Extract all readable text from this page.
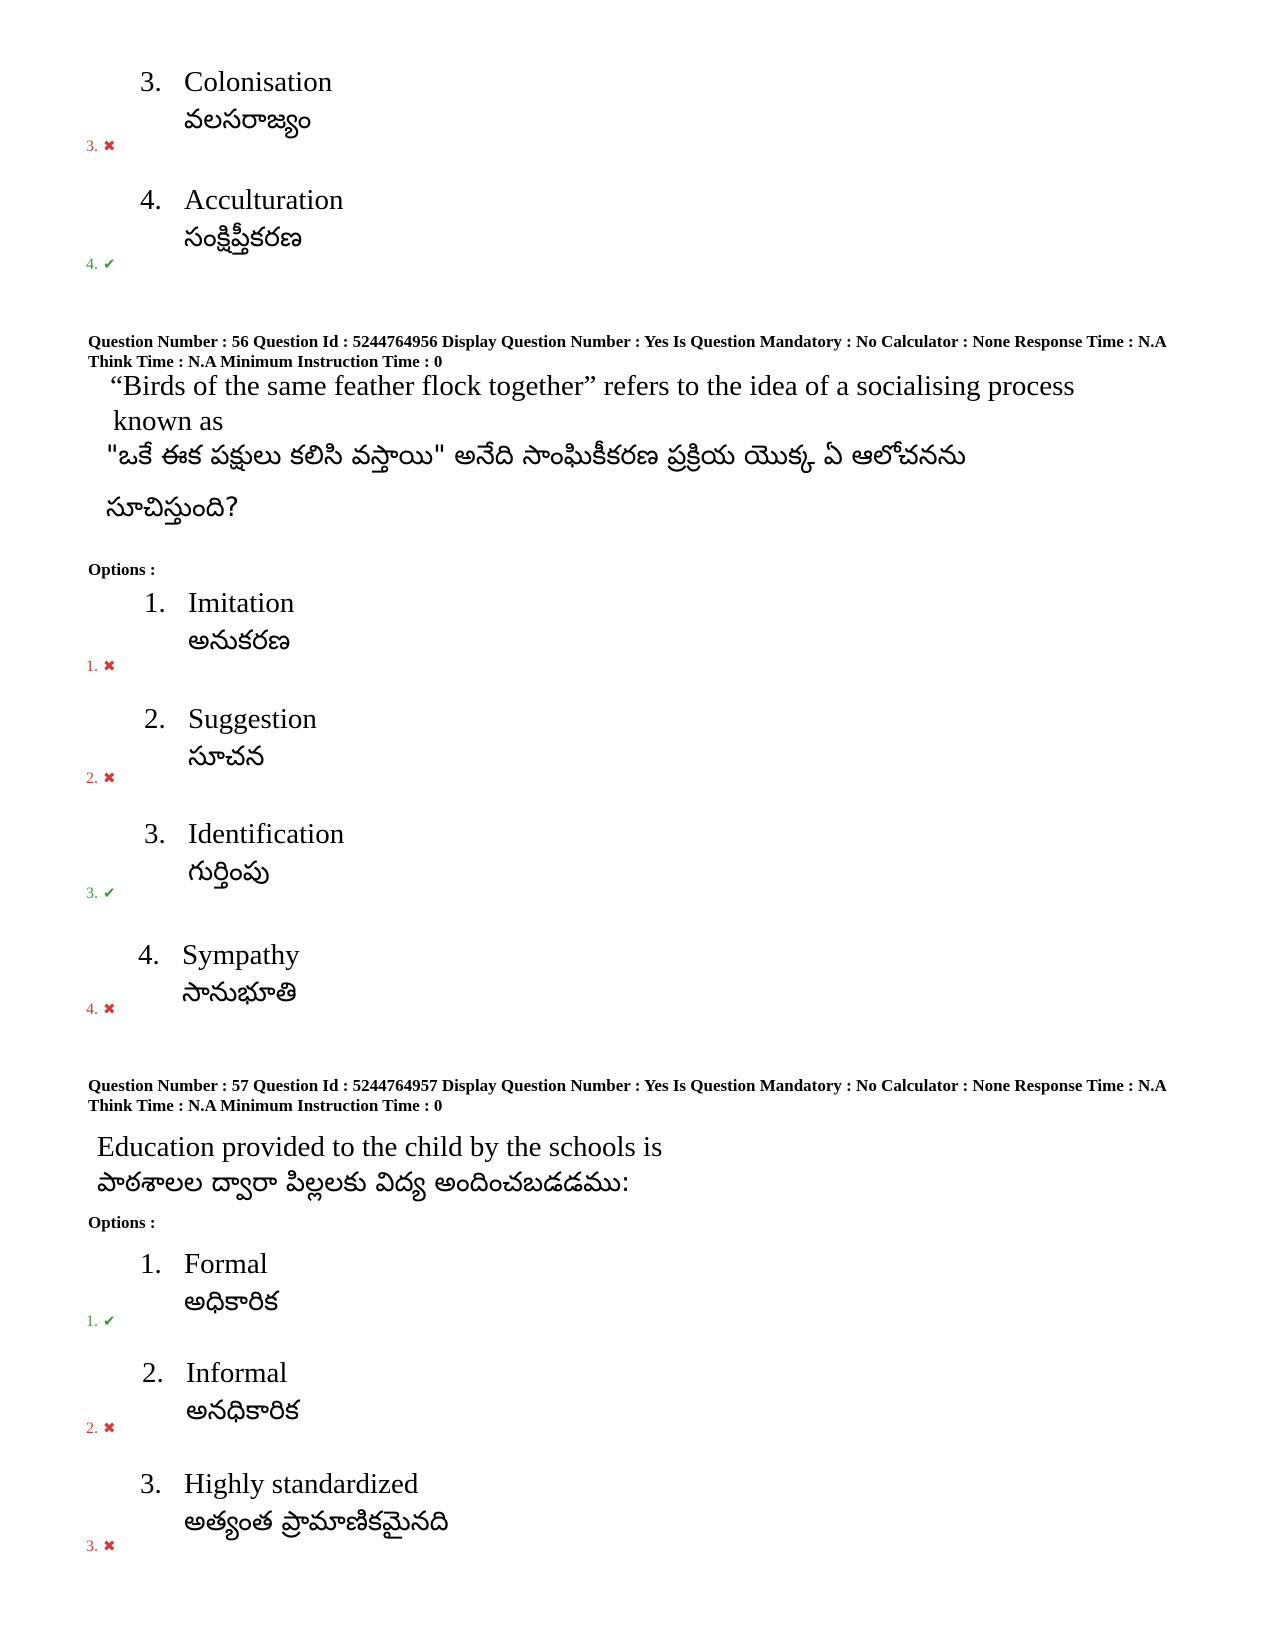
3. Colonisation
వలసరాజ్యం
3. ✖
4. Acculturation
సంక్షిప్తీకరణ
4. ✔
Question Number : 56 Question Id : 5244764956 Display Question Number : Yes Is Question Mandatory : No Calculator : None Response Time : N.A Think Time : N.A Minimum Instruction Time : 0
“Birds of the same feather flock together” refers to the idea of a socialising process
known as
"ఒకే ఈక పక్షులు కలిసి వస్తాయి" అనేది సాంఘికీకరణ ప్రక్రియ యొక్క ఏ ఆలోచనను
సూచిస్తుంది?
Options :
1. Imitation
అనుకరణ
1. ✖
2. Suggestion
సూచన
2. ✖
3. Identification
గుర్తింపు
3. ✔
4. Sympathy
సానుభూతి
4. ✖
Question Number : 57 Question Id : 5244764957 Display Question Number : Yes Is Question Mandatory : No Calculator : None Response Time : N.A Think Time : N.A Minimum Instruction Time : 0
Education provided to the child by the schools is
పాఠశాలల ద్వారా పిల్లలకు విద్య అందించబడడము:
Options :
1. Formal
అధికారిక
1. ✔
2. Informal
అనధికారిక
2. ✖
3. Highly standardized
అత్యంత ప్రామాణికమైనది
3. ✖
